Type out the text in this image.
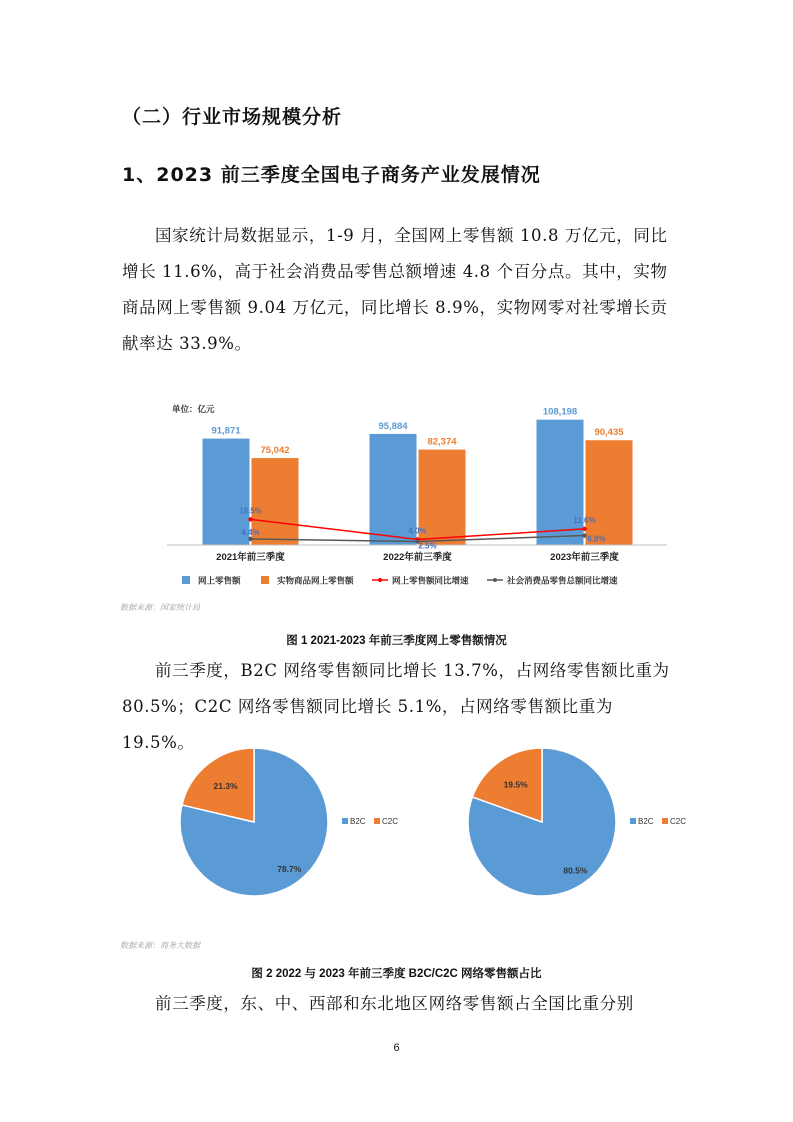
（二）行业市场规模分析
1、2023 前三季度全国电子商务产业发展情况
国家统计局数据显示，1-9 月，全国网上零售额 10.8 万亿元，同比增长 11.6%，高于社会消费品零售总额增速 4.8 个百分点。其中，实物商品网上零售额 9.04 万亿元，同比增长 8.9%，实物网零对社零增长贡献率达 33.9%。
单位：亿元
91,871
75,042
95,884
82,374
108,198
90,435
18.5%
4.0%
11.6%
4.4%
2.5%
6.8%
2021年前三季度	2022年前三季度	2023年前三季度
网上零售额	实物商品网上零售额	网上零售额同比增速	社会消费品零售总额同比增速
数据来源：国家统计局
图 1 2021-2023 年前三季度网上零售额情况
前三季度，B2C 网络零售额同比增长 13.7%，占网络零售额比重为 80.5%；C2C 网络零售额同比增长 5.1%，占网络零售额比重为 19.5%。
78.7%
21.3%
B2C C2C
80.5%
19.5%
B2C C2C
数据来源：商务大数据
图 2 2022 与 2023 年前三季度 B2C/C2C 网络零售额占比
前三季度，东、中、西部和东北地区网络零售额占全国比重分别
6
